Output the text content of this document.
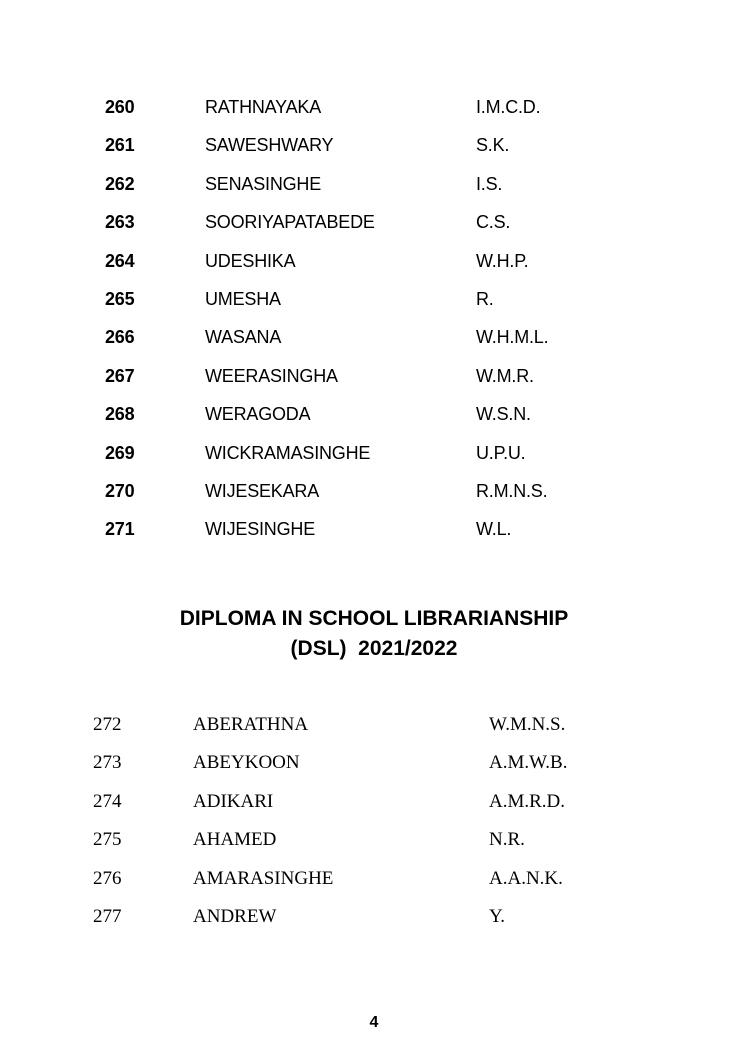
260	RATHNAYAKA	I.M.C.D.
261	SAWESHWARY	S.K.
262	SENASINGHE	I.S.
263	SOORIYAPATABEDE	C.S.
264	UDESHIKA	W.H.P.
265	UMESHA	R.
266	WASANA	W.H.M.L.
267	WEERASINGHA	W.M.R.
268	WERAGODA	W.S.N.
269	WICKRAMASINGHE	U.P.U.
270	WIJESEKARA	R.M.N.S.
271	WIJESINGHE	W.L.
DIPLOMA IN SCHOOL LIBRARIANSHIP
(DSL)  2021/2022
272	ABERATHNA	W.M.N.S.
273	ABEYKOON	A.M.W.B.
274	ADIKARI	A.M.R.D.
275	AHAMED	N.R.
276	AMARASINGHE	A.A.N.K.
277	ANDREW	Y.
4
